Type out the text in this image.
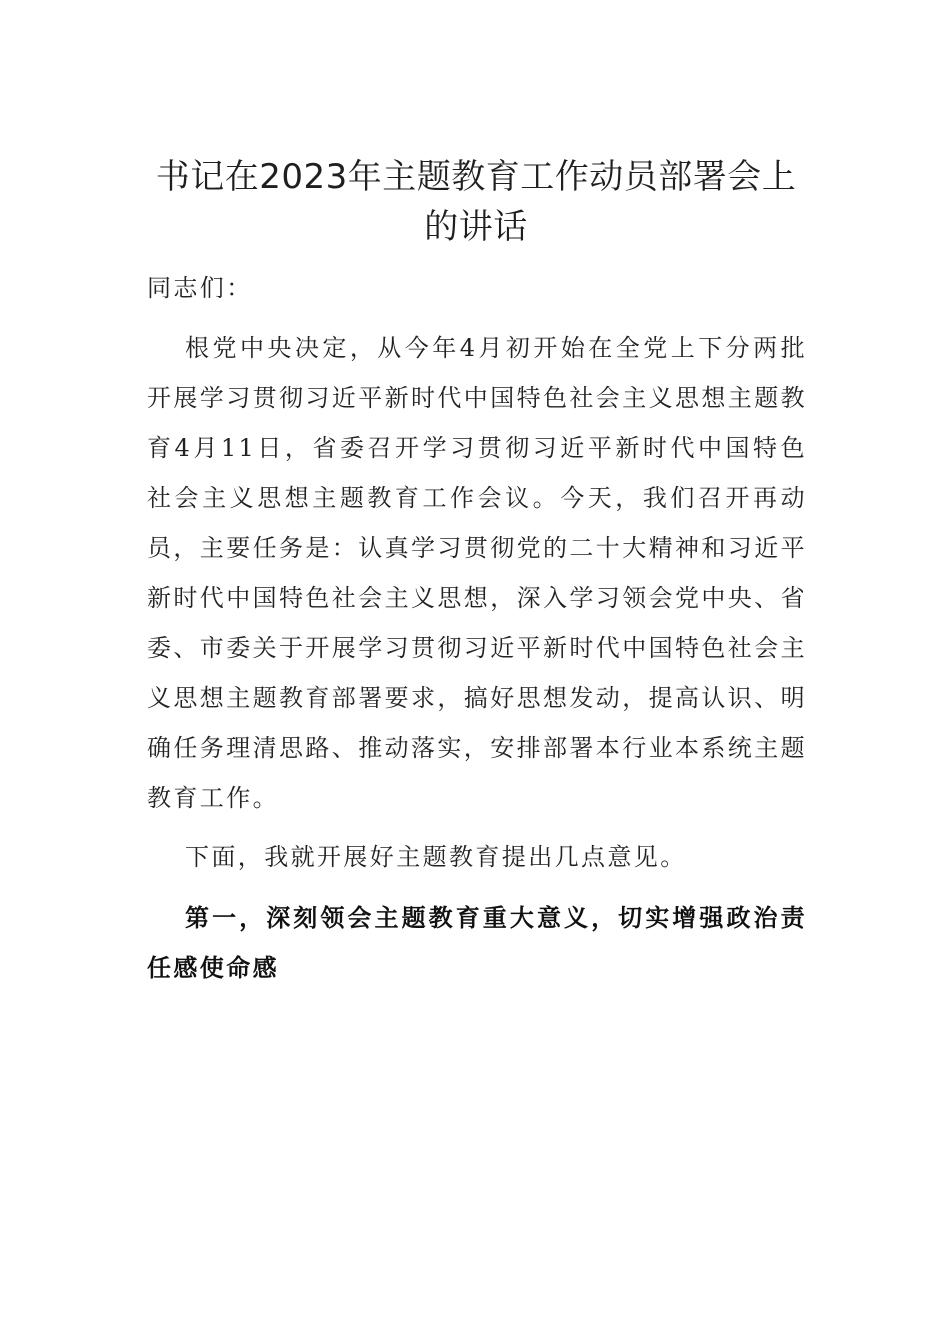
书记在2023年主题教育工作动员部署会上的讲话
同志们：
根党中央决定，从今年4月初开始在全党上下分两批开展学习贯彻习近平新时代中国特色社会主义思想主题教育4月11日，省委召开学习贯彻习近平新时代中国特色社会主义思想主题教育工作会议。今天，我们召开再动员，主要任务是：认真学习贯彻党的二十大精神和习近平新时代中国特色社会主义思想，深入学习领会党中央、省委、市委关于开展学习贯彻习近平新时代中国特色社会主义思想主题教育部署要求，搞好思想发动，提高认识、明确任务理清思路、推动落实，安排部署本行业本系统主题教育工作。
下面，我就开展好主题教育提出几点意见。
第一，深刻领会主题教育重大意义，切实增强政治责任感使命感
